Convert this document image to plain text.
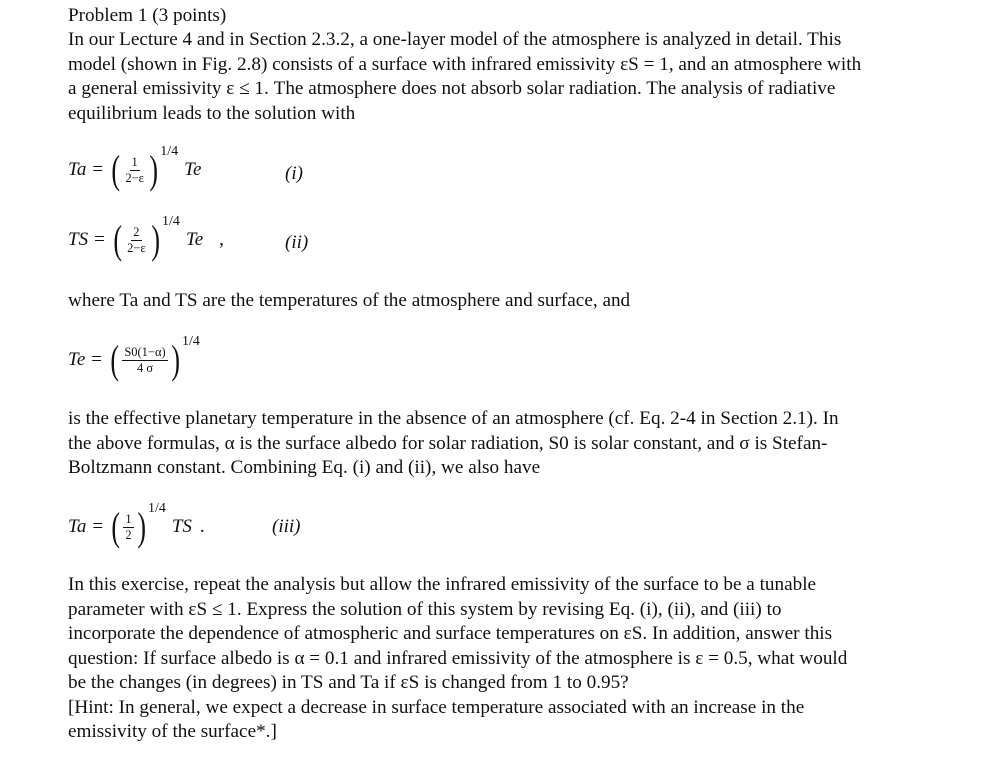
Problem 1 (3 points)
In our Lecture 4 and in Section 2.3.2, a one-layer model of the atmosphere is analyzed in detail. This
model (shown in Fig. 2.8) consists of a surface with infrared emissivity εS = 1, and an atmosphere with
a general emissivity ε ≤ 1. The atmosphere does not absorb solar radiation. The analysis of radiative
equilibrium leads to the solution with
Ta = ( $\frac{1}{2-\varepsilon}$ ) 1/4
Te	(i)
TS = ( $\frac{2}{2-\varepsilon}$ ) 1/4
Te ,	(ii)
where Ta and TS are the temperatures of the atmosphere and surface, and
Te = ( $\frac{S0(1-\alpha)}{4 \sigma}$ ) 1/4
is the effective planetary temperature in the absence of an atmosphere (cf. Eq. 2-4 in Section 2.1). In
the above formulas, α is the surface albedo for solar radiation, S0 is solar constant, and σ is Stefan-
Boltzmann constant. Combining Eq. (i) and (ii), we also have
Ta = ( $\frac{1}{2}$ ) 1/4
TS .	(iii)
In this exercise, repeat the analysis but allow the infrared emissivity of the surface to be a tunable
parameter with εS ≤ 1. Express the solution of this system by revising Eq. (i), (ii), and (iii) to
incorporate the dependence of atmospheric and surface temperatures on εS. In addition, answer this
question: If surface albedo is α = 0.1 and infrared emissivity of the atmosphere is ε = 0.5, what would
be the changes (in degrees) in TS and Ta if εS is changed from 1 to 0.95?
[Hint: In general, we expect a decrease in surface temperature associated with an increase in the
emissivity of the surface*.]
